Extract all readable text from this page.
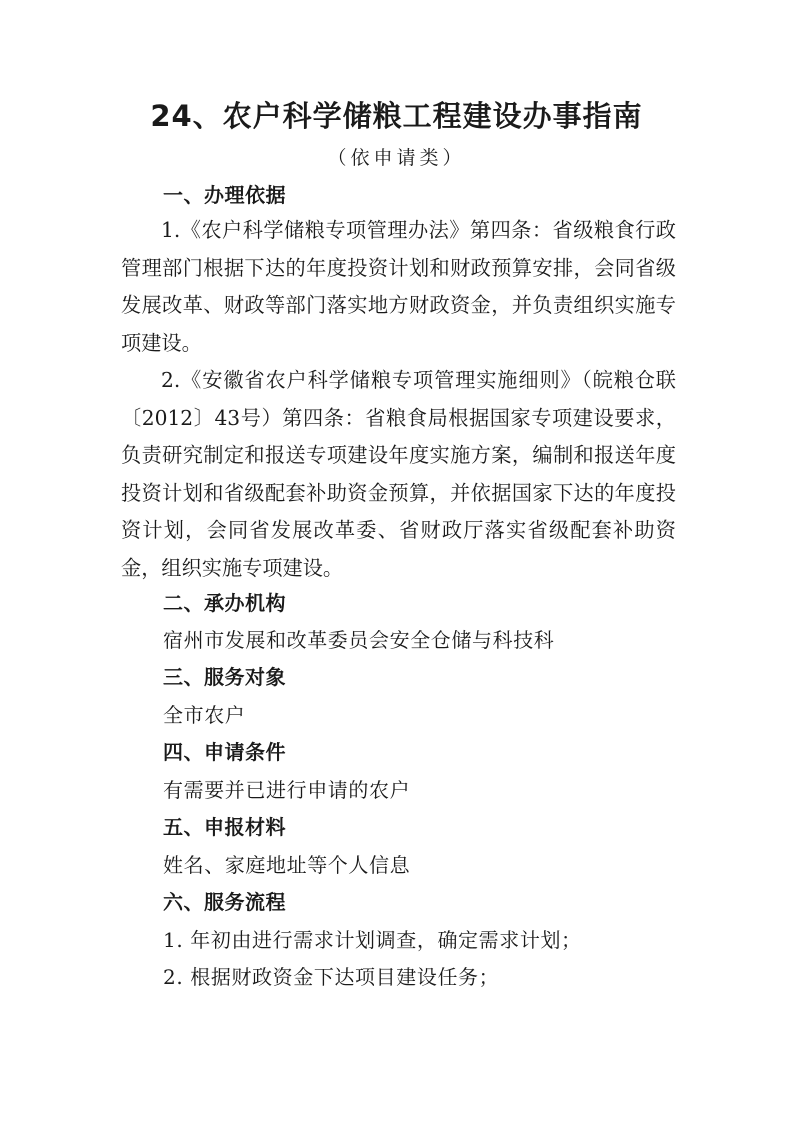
24、农户科学储粮工程建设办事指南
（依申请类）
一、办理依据
1.《农户科学储粮专项管理办法》第四条：省级粮食行政管理部门根据下达的年度投资计划和财政预算安排，会同省级发展改革、财政等部门落实地方财政资金，并负责组织实施专项建设。
2.《安徽省农户科学储粮专项管理实施细则》（皖粮仓联〔2012〕43号）第四条：省粮食局根据国家专项建设要求，负责研究制定和报送专项建设年度实施方案，编制和报送年度投资计划和省级配套补助资金预算，并依据国家下达的年度投资计划，会同省发展改革委、省财政厅落实省级配套补助资金，组织实施专项建设。
二、承办机构
宿州市发展和改革委员会安全仓储与科技科
三、服务对象
全市农户
四、申请条件
有需要并已进行申请的农户
五、申报材料
姓名、家庭地址等个人信息
六、服务流程
1. 年初由进行需求计划调查，确定需求计划；
2. 根据财政资金下达项目建设任务；
